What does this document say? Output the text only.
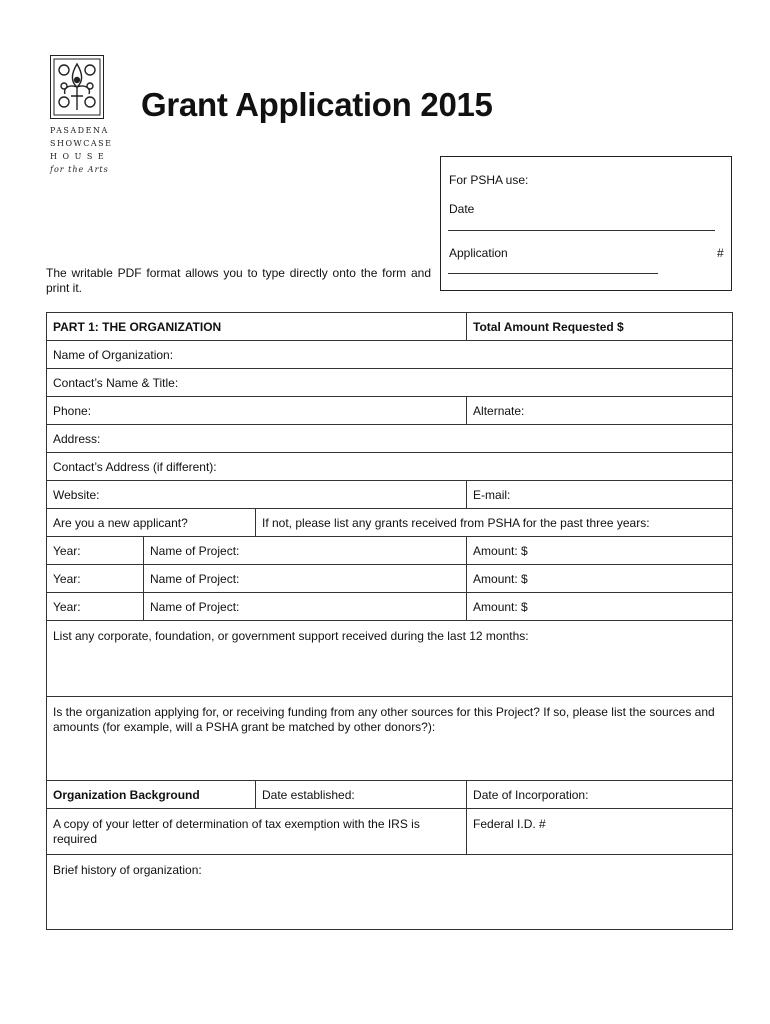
PASADENA
SHOWCASE
H O U S E
for the Arts
Grant Application 2015
For PSHA use:
Date
Application	#
The writable PDF format allows you to type directly onto the form and print it.
PART 1: THE ORGANIZATION			Total Amount Requested $
Name of Organization:			
Contact’s Name & Title:			
Phone:			Alternate:
Address:			
Contact’s Address (if different):			
Website:			E-mail:
Are you a new applicant?		If not, please list any grants received from PSHA for the past three years:	
Year:	Name of Project:		Amount: $
Year:	Name of Project:		Amount: $
Year:	Name of Project:		Amount: $
List any corporate, foundation, or government support received during the last 12 months:			
Is the organization applying for, or receiving funding from any other sources for this Project? If so, please list the sources and amounts (for example, will a PSHA grant be matched by other donors?):			
Organization Background		Date established:	Date of Incorporation:
A copy of your letter of determination of tax exemption with the IRS is required			Federal I.D. #
Brief history of organization:			
